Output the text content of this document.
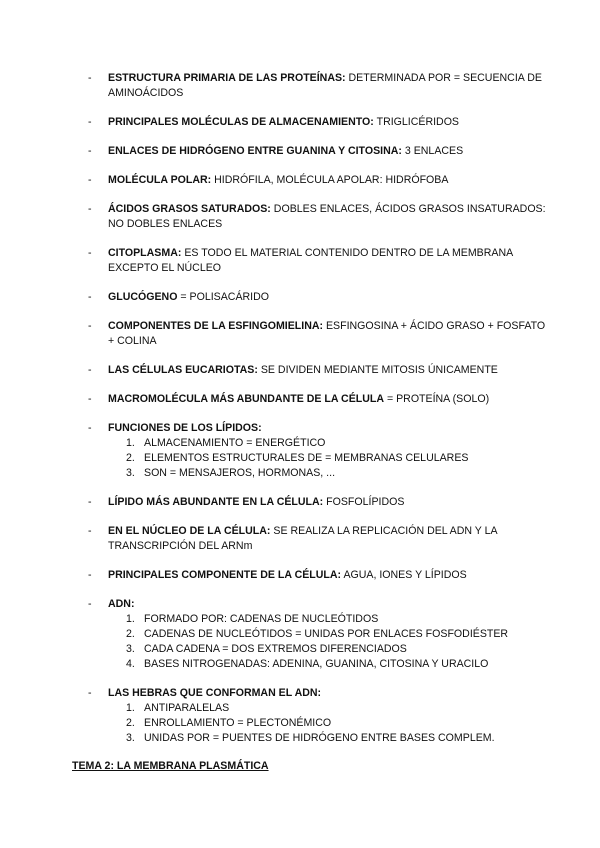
- ESTRUCTURA PRIMARIA DE LAS PROTEÍNAS: DETERMINADA POR = SECUENCIA DE AMINOÁCIDOS
- PRINCIPALES MOLÉCULAS DE ALMACENAMIENTO: TRIGLICÉRIDOS
- ENLACES DE HIDRÓGENO ENTRE GUANINA Y CITOSINA: 3 ENLACES
- MOLÉCULA POLAR: HIDRÓFILA, MOLÉCULA APOLAR: HIDRÓFOBA
- ÁCIDOS GRASOS SATURADOS: DOBLES ENLACES, ÁCIDOS GRASOS INSATURADOS: NO DOBLES ENLACES
- CITOPLASMA: ES TODO EL MATERIAL CONTENIDO DENTRO DE LA MEMBRANA EXCEPTO EL NÚCLEO
- GLUCÓGENO = POLISACÁRIDO
- COMPONENTES DE LA ESFINGOMIELINA: ESFINGOSINA + ÁCIDO GRASO + FOSFATO + COLINA
- LAS CÉLULAS EUCARIOTAS: SE DIVIDEN MEDIANTE MITOSIS ÚNICAMENTE
- MACROMOLÉCULA MÁS ABUNDANTE DE LA CÉLULA = PROTEÍNA (SOLO)
- FUNCIONES DE LOS LÍPIDOS:
1. ALMACENAMIENTO = ENERGÉTICO
2. ELEMENTOS ESTRUCTURALES DE = MEMBRANAS CELULARES
3. SON = MENSAJEROS, HORMONAS, ...
- LÍPIDO MÁS ABUNDANTE EN LA CÉLULA: FOSFOLÍPIDOS
- EN EL NÚCLEO DE LA CÉLULA: SE REALIZA LA REPLICACIÓN DEL ADN Y LA TRANSCRIPCIÓN DEL ARNm
- PRINCIPALES COMPONENTE DE LA CÉLULA: AGUA, IONES Y LÍPIDOS
- ADN:
1. FORMADO POR: CADENAS DE NUCLEÓTIDOS
2. CADENAS DE NUCLEÓTIDOS = UNIDAS POR ENLACES FOSFODIÉSTER
3. CADA CADENA = DOS EXTREMOS DIFERENCIADOS
4. BASES NITROGENADAS: ADENINA, GUANINA, CITOSINA Y URACILO
- LAS HEBRAS QUE CONFORMAN EL ADN:
1. ANTIPARALELAS
2. ENROLLAMIENTO = PLECTONÉMICO
3. UNIDAS POR = PUENTES DE HIDRÓGENO ENTRE BASES COMPLEM.
TEMA 2: LA MEMBRANA PLASMÁTICA
